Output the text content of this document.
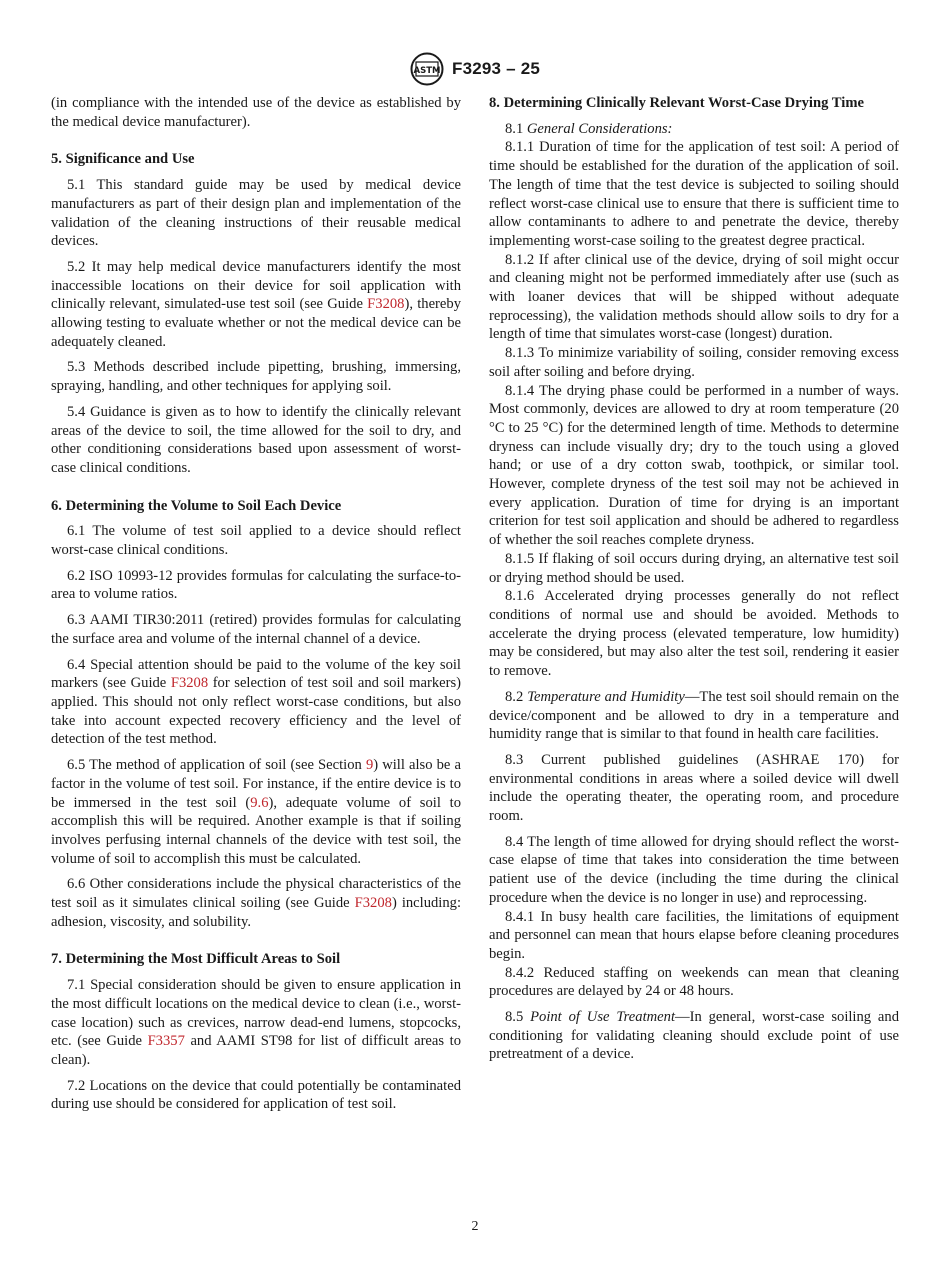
ASTM F3293 – 25

(in compliance with the intended use of the device as established by the medical device manufacturer).

5. Significance and Use

5.1 This standard guide may be used by medical device manufacturers as part of their design plan and implementation of the validation of the cleaning instructions of their reusable medical devices.

5.2 It may help medical device manufacturers identify the most inaccessible locations on their device for soil application with clinically relevant, simulated-use test soil (see Guide F3208), thereby allowing testing to evaluate whether or not the medical device can be adequately cleaned.

5.3 Methods described include pipetting, brushing, immersing, spraying, handling, and other techniques for applying soil.

5.4 Guidance is given as to how to identify the clinically relevant areas of the device to soil, the time allowed for the soil to dry, and other conditioning considerations based upon assessment of worst-case clinical conditions.

6. Determining the Volume to Soil Each Device

6.1 The volume of test soil applied to a device should reflect worst-case clinical conditions.

6.2 ISO 10993-12 provides formulas for calculating the surface-to-area to volume ratios.

6.3 AAMI TIR30:2011 (retired) provides formulas for calculating the surface area and volume of the internal channel of a device.

6.4 Special attention should be paid to the volume of the key soil markers (see Guide F3208 for selection of test soil and soil markers) applied. This should not only reflect worst-case conditions, but also take into account expected recovery efficiency and the level of detection of the test method.

6.5 The method of application of soil (see Section 9) will also be a factor in the volume of test soil. For instance, if the entire device is to be immersed in the test soil (9.6), adequate volume of soil to accomplish this will be required. Another example is that if soiling involves perfusing internal channels of the device with test soil, the volume of soil to accomplish this must be calculated.

6.6 Other considerations include the physical characteristics of the test soil as it simulates clinical soiling (see Guide F3208) including: adhesion, viscosity, and solubility.

7. Determining the Most Difficult Areas to Soil

7.1 Special consideration should be given to ensure application in the most difficult locations on the medical device to clean (i.e., worst-case location) such as crevices, narrow dead-end lumens, stopcocks, etc. (see Guide F3357 and AAMI ST98 for list of difficult areas to clean).

7.2 Locations on the device that could potentially be contaminated during use should be considered for application of test soil.

8. Determining Clinically Relevant Worst-Case Drying Time

8.1 General Considerations:

8.1.1 Duration of time for the application of test soil: A period of time should be established for the duration of the application of soil. The length of time that the test device is subjected to soiling should reflect worst-case clinical use to ensure that there is sufficient time to allow contaminants to adhere to and penetrate the device, thereby implementing worst-case soiling to the greatest degree practical.

8.1.2 If after clinical use of the device, drying of soil might occur and cleaning might not be performed immediately after use (such as with loaner devices that will be shipped without adequate reprocessing), the validation methods should allow soils to dry for a length of time that simulates worst-case (longest) duration.

8.1.3 To minimize variability of soiling, consider removing excess soil after soiling and before drying.

8.1.4 The drying phase could be performed in a number of ways. Most commonly, devices are allowed to dry at room temperature (20 °C to 25 °C) for the determined length of time. Methods to determine dryness can include visually dry; dry to the touch using a gloved hand; or use of a dry cotton swab, toothpick, or similar tool. However, complete dryness of the test soil may not be achieved in every application. Duration of time for drying is an important criterion for test soil application and should be adhered to regardless of whether the soil reaches complete dryness.

8.1.5 If flaking of soil occurs during drying, an alternative test soil or drying method should be used.

8.1.6 Accelerated drying processes generally do not reflect conditions of normal use and should be avoided. Methods to accelerate the drying process (elevated temperature, low humidity) may be considered, but may also alter the test soil, rendering it easier to remove.

8.2 Temperature and Humidity—The test soil should remain on the device/component and be allowed to dry in a temperature and humidity range that is similar to that found in health care facilities.

8.3 Current published guidelines (ASHRAE 170) for environmental conditions in areas where a soiled device will dwell include the operating theater, the operating room, and procedure room.

8.4 The length of time allowed for drying should reflect the worst-case elapse of time that takes into consideration the time between patient use of the device (including the time during the clinical procedure when the device is no longer in use) and reprocessing.

8.4.1 In busy health care facilities, the limitations of equipment and personnel can mean that hours elapse before cleaning procedures begin.

8.4.2 Reduced staffing on weekends can mean that cleaning procedures are delayed by 24 or 48 hours.

8.5 Point of Use Treatment—In general, worst-case soiling and conditioning for validating cleaning should exclude point of use pretreatment of a device.

2
